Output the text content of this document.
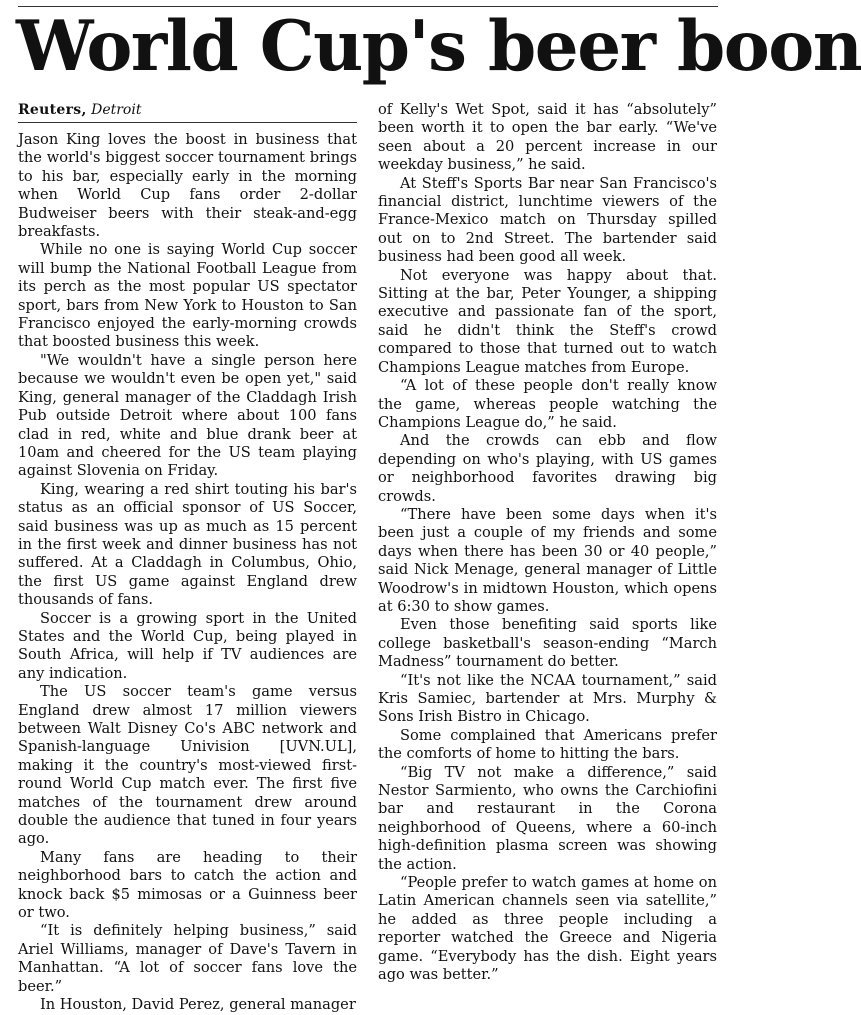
World Cup's beer boon
Reuters, Detroit

Jason King loves the boost in business that the world's biggest soccer tournament brings to his bar, especially early in the morning when World Cup fans order 2-dollar Budweiser beers with their steak-and-egg breakfasts.

While no one is saying World Cup soccer will bump the National Football League from its perch as the most popular US spectator sport, bars from New York to Houston to San Francisco enjoyed the early-morning crowds that boosted business this week.

"We wouldn't have a single person here because we wouldn't even be open yet," said King, general manager of the Claddagh Irish Pub outside Detroit where about 100 fans clad in red, white and blue drank beer at 10am and cheered for the US team playing against Slovenia on Friday.

King, wearing a red shirt touting his bar's status as an official sponsor of US Soccer, said business was up as much as 15 percent in the first week and dinner business has not suffered. At a Claddagh in Columbus, Ohio, the first US game against England drew thousands of fans.

Soccer is a growing sport in the United States and the World Cup, being played in South Africa, will help if TV audiences are any indication.

The US soccer team's game versus England drew almost 17 million viewers between Walt Disney Co's ABC network and Spanish-language Univision [UVN.UL], making it the country's most-viewed first-round World Cup match ever. The first five matches of the tournament drew around double the audience that tuned in four years ago.

Many fans are heading to their neighborhood bars to catch the action and knock back $5 mimosas or a Guinness beer or two.

“It is definitely helping business,” said Ariel Williams, manager of Dave's Tavern in Manhattan. “A lot of soccer fans love the beer.”

In Houston, David Perez, general manager

of Kelly's Wet Spot, said it has “absolutely” been worth it to open the bar early. “We've seen about a 20 percent increase in our weekday business,” he said.

At Steff's Sports Bar near San Francisco's financial district, lunchtime viewers of the France-Mexico match on Thursday spilled out on to 2nd Street. The bartender said business had been good all week.

Not everyone was happy about that. Sitting at the bar, Peter Younger, a shipping executive and passionate fan of the sport, said he didn't think the Steff's crowd compared to those that turned out to watch Champions League matches from Europe.

“A lot of these people don't really know the game, whereas people watching the Champions League do,” he said.

And the crowds can ebb and flow depending on who's playing, with US games or neighborhood favorites drawing big crowds.

“There have been some days when it's been just a couple of my friends and some days when there has been 30 or 40 people,” said Nick Menage, general manager of Little Woodrow's in midtown Houston, which opens at 6:30 to show games.

Even those benefiting said sports like college basketball's season-ending “March Madness” tournament do better.

“It's not like the NCAA tournament,” said Kris Samiec, bartender at Mrs. Murphy & Sons Irish Bistro in Chicago.

Some complained that Americans prefer the comforts of home to hitting the bars.

“Big TV not make a difference,” said Nestor Sarmiento, who owns the Carchiofini bar and restaurant in the Corona neighborhood of Queens, where a 60-inch high-definition plasma screen was showing the action.

“People prefer to watch games at home on Latin American channels seen via satellite,” he added as three people including a reporter watched the Greece and Nigeria game. “Everybody has the dish. Eight years ago was better.”
